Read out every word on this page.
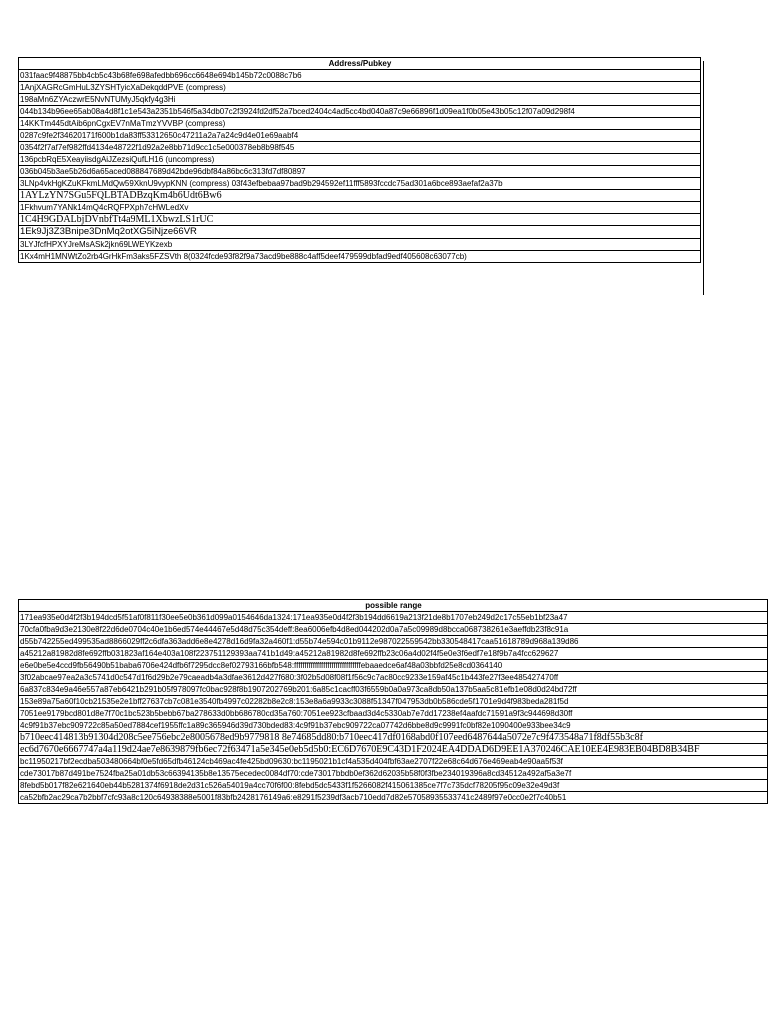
Address/Pubkey
031faac9f48875bb4cb5c43b68fe698afedbb696cc6648e694b145b72c0088c7b6
1AnjXAGRcGmHuL3ZYSHTyicXaDekqddPVE (compress)
198aMn6ZYAczwrE5NvNTUMyJ5qkfy4g3Hi
044b134b96ee65ab08a4d8f1c1e543a2351b546f5a34db07c2f3924fd2df52a7bced2404c4ad5cc4bd040a87c9e66896f1d09ea1f0b05e43b05c12f07a09d298f4
14KKTm445dtAib6pnCgxEV7nMaTmzYVVBP (compress)
0287c9fe2f34620171f600b1da83ff53312650c47211a2a7a24c9d4e01e69aabf4
0354f2f7af7ef982ffd4134e48722f1d92a2e8bb71d9cc1c5e000378eb8b98f545
136pcbRqE5XeayiisdgAiJZezsiQufLH16 (uncompress)
036b045b3ae5b26d6a65aced088847689d42bde96dbf84a86bc6c313fd7df80897
3LNp4vkHgKZuKFkmLMdQw59XknU9vypKNN (compress) 03f43efbebaa97bad9b294592ef11fff5893fccdc75ad301a6bce893aefaf2a37b
1AYLzYN7SGu5FQLBTADBzqKm4b6Udt6Bw6
1Fkhvum7YANk14mQ4cRQFPXph7cHWLedXv
1C4H9GDALbjDVnbfTt4a9ML1XbwzLS1rUC
1Ek9Jj3Z3Bnipe3DnMq2otXG5iNjze66VR
3LYJfcfHPXYJreMsASk2jkn69LWEYKzexb
1Kx4mH1MNWtZo2rb4GrHkFm3aks5FZSVth 8(0324fcde93f82f9a73acd9be888c4aff5deef479599dbfad9edf405608c63077cb)
possible range
171ea935e0d4f2f3b194dcd5f51af0f811f30ee5e0b361d099a0154646da1324:171ea935e0d4f2f3b194dd6619a213f21de8b1707eb249d2c17c55eb1bf23a47
70cfa0fba9d3e2130e8f22d6de0704c40e1b6ed574e44467e5d48d75c354deff:8ea6006efb4d8ed044202d0a7a5c09989d8bcca068738261e3aeffdb23f8c91a
d55b742255ed499535ad8866029ff2c6dfa363add6e8e4278d16d9fa32a460f1:d55b74e594c01b9112e987022559542bb330548417caa51618789d968a139d86
a45212a81982d8fe692ffb031823af164e403a108f223751129393aa741b1d49:a45212a81982d8fe692ffb23c06a4d02f4f5e0e3f6edf7e18f9b7a4fcc629627
e6e0be5e4ccd9fb56490b51baba6706e424dfb6f7295dcc8ef02793166bfb548:ffffffffffffffffffffffffffffffffebaaedce6af48a03bbfd25e8cd0364140
3f02abcae97ea2a3c5741d0c547d1f6d29b2e79caeadb4a3dfae3612d427f680:3f02b5d08f08f1f56c9c7ac80cc9233e159af45c1b443fe27f3ee485427470ff
6a837c834e9a46e557a87eb6421b291b05f978097fc0bac928f8b1907202769b201:6a85c1cacff03f6559b0a0a973ca8db50a137b5aa5c81efb1e08d0d24bd72ff
153e89a75a60f10cb21535e2e1bff27637cb7c081e3540fb4997c02282b8e2c8:153e8a6a9933c3088f51347f047953db0b586cde5f1701e9d4f983beda281f5d
7051ee9179bcd801d8e7f70c1bc523b5bebb67ba278633d0bb686780cd35a760:7051ee923cfbaad3d4c5330ab7e7dd17238ef4aafdc71591a9f3c944698d30ff
4c9f91b37ebc909722c85a50ed7884cef1955ffc1a89c365946d39d730bded83:4c9f91b37ebc909722ca07742d6bbe8d9c9991fc0bf82e1090400e933bee34c9
b710eec414813b91304d208c5ee756ebc2e8005678ed9b9779818 8e74685dd80:b710eec417df0168abd0f107eed6487644a5072e7c9f473548a71f8df55b3c8f
ec6d7670e6667747a4a119d24ae7e8639879fb6ec72f63471a5e345e0eb5d5b0:EC6D7670E9C43D1F2024EA4DDAD6D9EE1A370246CAE10EE4E983EB04BD8B34BF
bc11950217bf2ecdba503480664bf0e5fd65dfb46124cb469ac4fe425bd09630:bc1195021b1cf4a535d404fbf63ae2707f22e68c64d676e469eab4e90aa5f53f
cde73017b87d491be7524fba25a01db53c66394135b8e13575ecedec0084df70:cde73017bbdb0ef362d62035b58f0f3fbe234019396a8cd34512a492af5a3e7f
8febd5b017f82e621640eb44b5281374f6918de2d31c526a54019a4cc70f6f00:8febd5dc5433f1f5266082f415061385ce7f7c735dcf78205f95c09e32e49d3f
ca52bfb2ac29ca7b2bbf7cfc93a8c120c64938388e5001f83bfb2428176149a6:e8291f5239df3acb710edd7d82e57058935533741c2489f97e0cc0e2f7c40b51
